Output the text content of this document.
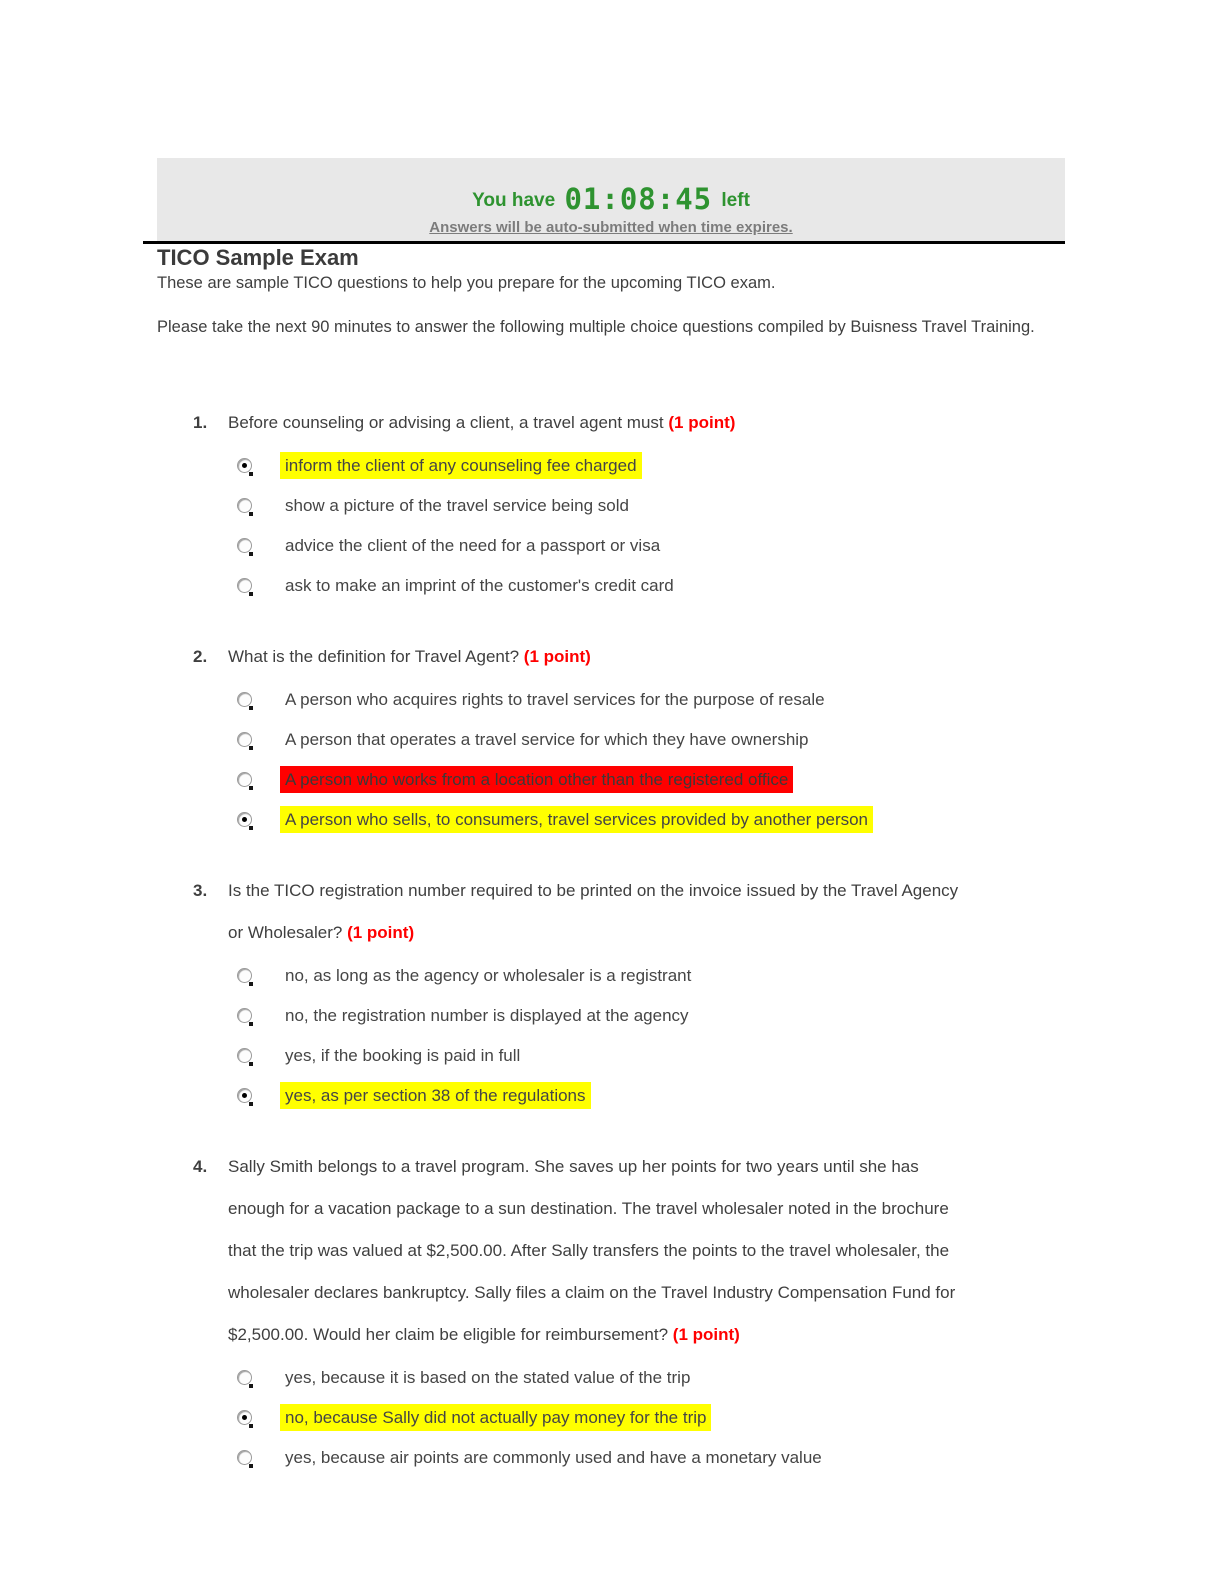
You have 01:08:45 left
Answers will be auto-submitted when time expires.
TICO Sample Exam

These are sample TICO questions to help you prepare for the upcoming TICO exam.

Please take the next 90 minutes to answer the following multiple choice questions compiled by Buisness Travel Training.

1. Before counseling or advising a client, a travel agent must (1 point)
inform the client of any counseling fee charged
show a picture of the travel service being sold
advice the client of the need for a passport or visa
ask to make an imprint of the customer's credit card
2. What is the definition for Travel Agent? (1 point)
A person who acquires rights to travel services for the purpose of resale
A person that operates a travel service for which they have ownership
A person who works from a location other than the registered office
A person who sells, to consumers, travel services provided by another person
3. Is the TICO registration number required to be printed on the invoice issued by the Travel Agency or Wholesaler? (1 point)
no, as long as the agency or wholesaler is a registrant
no, the registration number is displayed at the agency
yes, if the booking is paid in full
yes, as per section 38 of the regulations
4. Sally Smith belongs to a travel program. She saves up her points for two years until she has enough for a vacation package to a sun destination. The travel wholesaler noted in the brochure that the trip was valued at $2,500.00. After Sally transfers the points to the travel wholesaler, the wholesaler declares bankruptcy. Sally files a claim on the Travel Industry Compensation Fund for $2,500.00. Would her claim be eligible for reimbursement? (1 point)
yes, because it is based on the stated value of the trip
no, because Sally did not actually pay money for the trip
yes, because air points are commonly used and have a monetary value
